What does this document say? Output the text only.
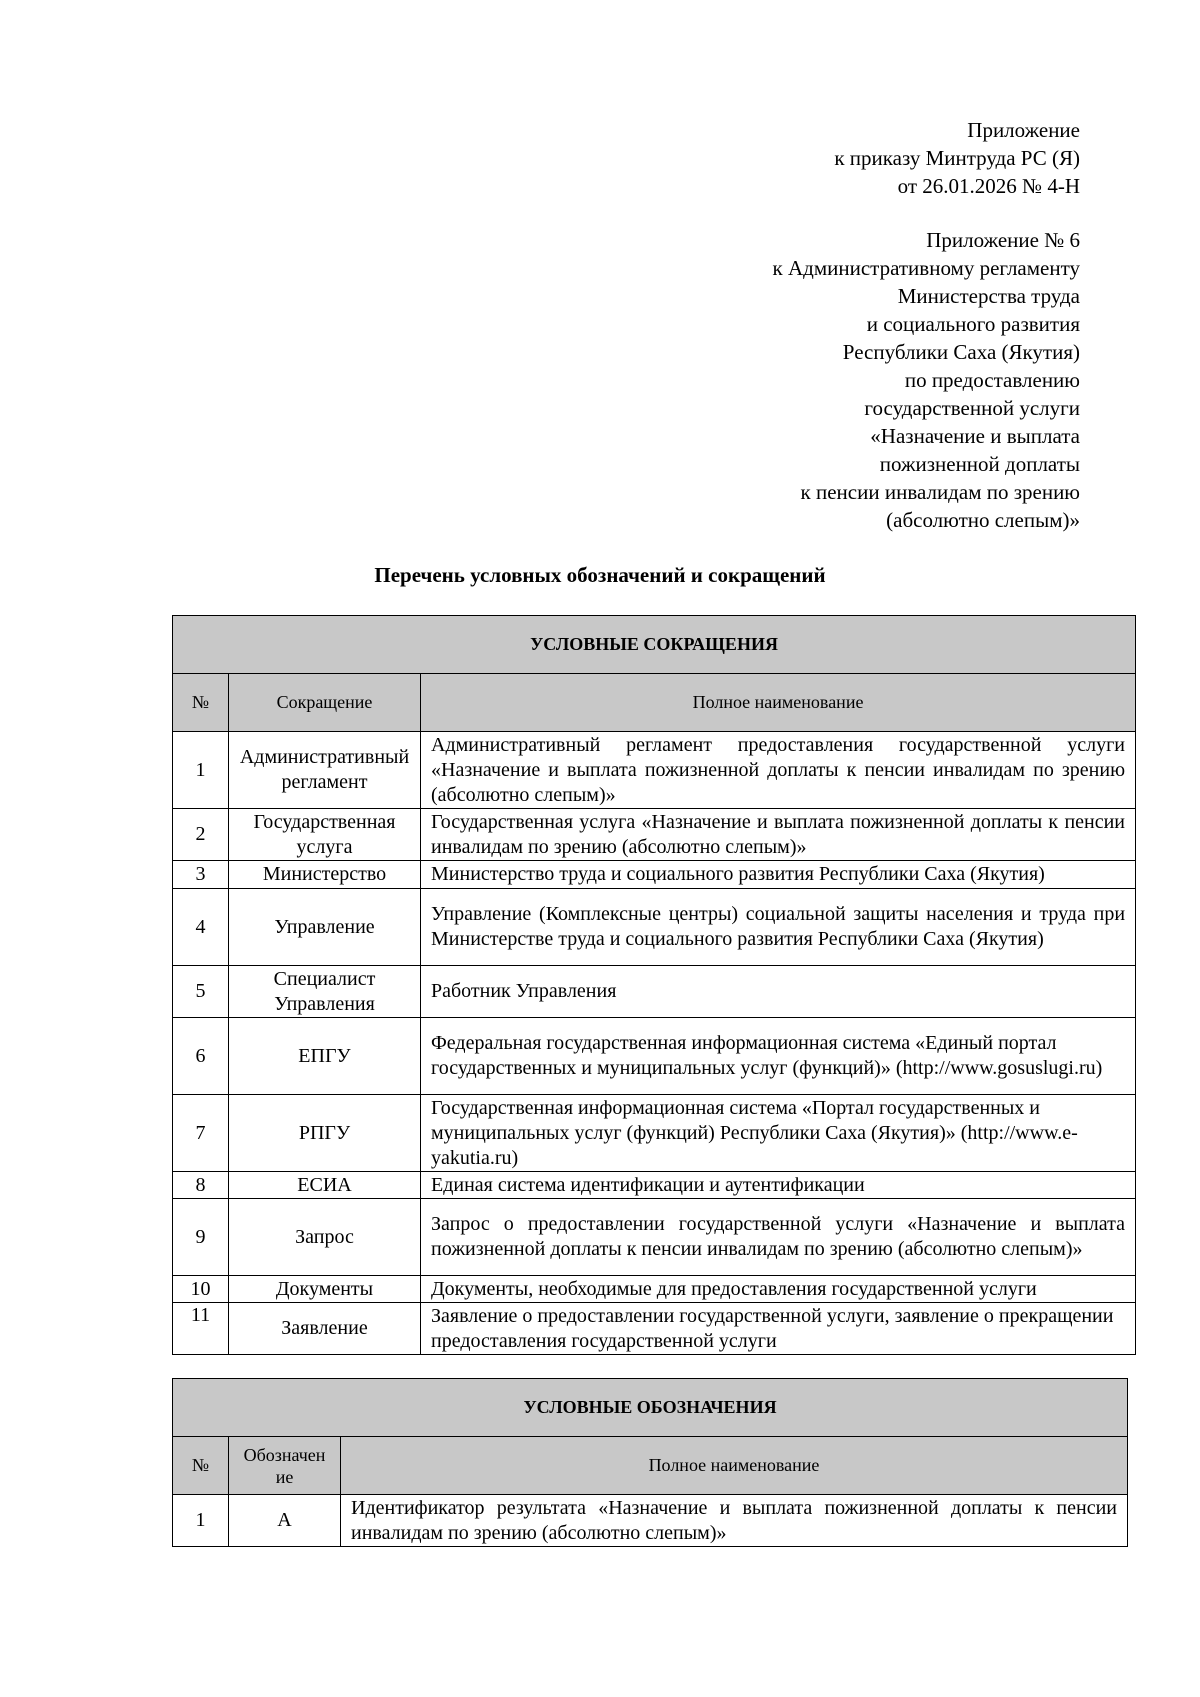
Приложение
к приказу Минтруда РС (Я)
от 26.01.2026 № 4-Н
Приложение № 6
к Административному регламенту
Министерства труда
и социального развития
Республики Саха (Якутия)
по предоставлению
государственной услуги
«Назначение и выплата
пожизненной доплаты
к пенсии инвалидам по зрению
(абсолютно слепым)»
Перечень условных обозначений и сокращений
УСЛОВНЫЕ СОКРАЩЕНИЯ		
№	Сокращение	Полное наименование
1	Административный регламент	Административный регламент предоставления государственной услуги «Назначение и выплата пожизненной доплаты к пенсии инвалидам по зрению (абсолютно слепым)»
2	Государственная услуга	Государственная услуга «Назначение и выплата пожизненной доплаты к пенсии инвалидам по зрению (абсолютно слепым)»
3	Министерство	Министерство труда и социального развития Республики Саха (Якутия)
4	Управление	Управление (Комплексные центры) социальной защиты населения и труда при Министерстве труда и социального развития Республики Саха (Якутия)
5	Специалист Управления	Работник Управления
6	ЕПГУ	Федеральная государственная информационная система «Единый портал государственных и муниципальных услуг (функций)» (http://www.gosuslugi.ru)
7	РПГУ	Государственная информационная система «Портал государственных и муниципальных услуг (функций) Республики Саха (Якутия)» (http://www.e-yakutia.ru)
8	ЕСИА	Единая система идентификации и аутентификации
9	Запрос	Запрос о предоставлении государственной услуги «Назначение и выплата пожизненной доплаты к пенсии инвалидам по зрению (абсолютно слепым)»
10	Документы	Документы, необходимые для предоставления государственной услуги
11	Заявление	Заявление о предоставлении государственной услуги, заявление о прекращении предоставления государственной услуги
УСЛОВНЫЕ ОБОЗНАЧЕНИЯ		
№	Обозначение	Полное наименование
1	A	Идентификатор результата «Назначение и выплата пожизненной доплаты к пенсии инвалидам по зрению (абсолютно слепым)»
